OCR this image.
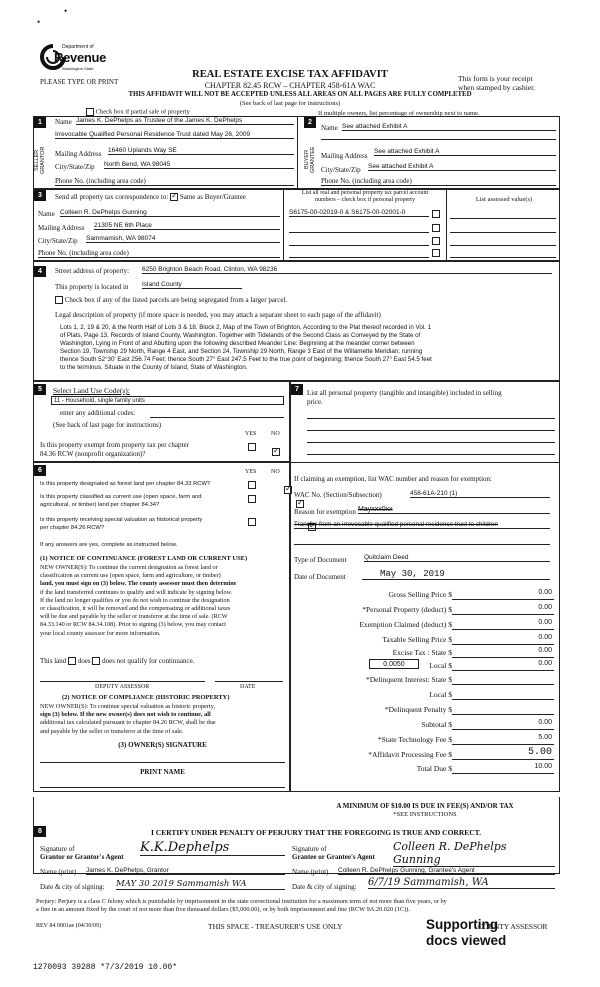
•
•
Department of
Revenue
Washington State
PLEASE TYPE OR PRINT
REAL ESTATE EXCISE TAX AFFIDAVIT
CHAPTER 82.45 RCW – CHAPTER 458-61A WAC
THIS AFFIDAVIT WILL NOT BE ACCEPTED UNLESS ALL AREAS ON ALL PAGES ARE FULLY COMPLETED
(See back of last page for instructions)
This form is your receipt
when stamped by cashier.
Check box if partial sale of property	If multiple owners, list percentage of ownership next to name.
1	2
SELLER GRANTOR	BUYER GRANTEE
Name James K. DePhelps as Trustee of the James K. DePhelps
Irrevocable Qualified Personal Residence Trust dated May 26, 2009
Mailing Address 16460 Uplands Way SE
City/State/Zip North Bend, WA 98045
Phone No. (including area code)
Name See attached Exhibit A
Mailing Address
See attached Exhibit A
City/State/Zip See attached Exhibit A
Phone No. (including area code)
3	Send all property tax correspondence to: ✓ Same as Buyer/Grantee
Name Colleen R. DePhelps Gunning
Mailing Address 21305 NE 6th Place
City/State/Zip Sammamish, WA 98074
Phone No. (including area code)
List all real and personal property tax parcel account
numbers – check box if personal property	List assessed value(s)
S6175-00-02019-0 & S6175-00-02001-0
4	Street address of property: 6250 Brighton Beach Road, Clinton, WA 98236
This property is located in Island County
Check box if any of the listed parcels are being segregated from a larger parcel.
Legal description of property (if more space is needed, you may attach a separate sheet to each page of the affidavit)
Lots 1, 2, 19 & 20, & the North Half of Lots 3 & 18, Block 2, Map of the Town of Brighton, According to the Plat thereof recorded in Vol. 1
of Plats, Page 13, Records of Island County, Washington. Together with Tidelands of the Second Class as Conveyed by the State of
Washington, Lying in Front of and Abutting upon the following described Meander Line: Beginning at the meander corner between
Section 19, Township 29 North, Range 4 East, and Section 24, Township 29 North, Range 3 East of the Willamette Meridian; running
thence South 52°30' East 256.74 Feet; thence South 27° East 247.5 Feet to the true point of beginning; thence South 27° East 54.5 feet
to the terminus. Situate in the County of Island, State of Washington.
5	Select Land Use Code(s):
11 - Household, single family units
enter any additional codes:
(See back of last page for instructions)
YES NO
Is this property exempt from property tax per chapter
84.36 RCW (nonprofit organization)?
✓
6	YES NO
Is this property designated as forest land per chapter 84.33 RCW?
✓
Is this property classified as current use (open space, farm and
agricultural, or timber) land per chapter 84.34?
✓
Is this property receiving special valuation as historical property
per chapter 84.26 RCW?
✓
If any answers are yes, complete as instructed below.
(1) NOTICE OF CONTINUANCE (FOREST LAND OR CURRENT USE)
NEW OWNER(S): To continue the current designation as forest land or
classification as current use (open space, farm and agriculture, or timber)
land, you must sign on (3) below. The county assessor must then determine
if the land transferred continues to qualify and will indicate by signing below.
If the land no longer qualifies or you do not wish to continue the designation
or classification, it will be removed and the compensating or additional taxes
will be due and payable by the seller or transferor at the time of sale. (RCW
84.33.140 or RCW 84.34.108). Prior to signing (3) below, you may contact
your local county assessor for more information.
This land does does not qualify for continuance.
DEPUTY ASSESSOR	DATE
(2) NOTICE OF COMPLIANCE (HISTORIC PROPERTY)
NEW OWNER(S): To continue special valuation as historic property,
sign (3) below. If the new owner(s) does not wish to continue, all
additional tax calculated pursuant to chapter 84.26 RCW, shall be due
and payable by the seller or transferor at the time of sale.
(3) OWNER(S) SIGNATURE
PRINT NAME
7	List all personal property (tangible and intangible) included in selling
price.
If claiming an exemption, list WAC number and reason for exemption:
WAC No. (Section/Subsection)	458-61A-210 (1)
Reason for exemption Mayxxx0xx
Transfer from an irrevocable qualified personal residence trust to children
Type of Document	Quitclaim Deed
Date of Document	May 30, 2019
Gross Selling Price $	0.00
*Personal Property (deduct) $	0.00
Exemption Claimed (deduct) $	0.00
Taxable Selling Price $	0.00
Excise Tax : State $	0.00
0.0050	Local $	0.00
*Delinquent Interest: State $
Local $
*Delinquent Penalty $
Subtotal $	0.00
*State Technology Fee $	5.00
*Affidavit Processing Fee $	5.00
Total Due $	10.00
A MINIMUM OF $10.00 IS DUE IN FEE(S) AND/OR TAX
*SEE INSTRUCTIONS
8	I CERTIFY UNDER PENALTY OF PERJURY THAT THE FOREGOING IS TRUE AND CORRECT.
Signature of
Grantor or Grantor's Agent
K.K.Dephelps
Name (print) James K. DePhelps, Grantor
Date & city of signing: MAY 30 2019 Sammamish WA
Signature of
Grantee or Grantee's Agent
Colleen R. DePhelps Gunning
Name (print) Colleen R. DePhelps Gunning, Grantee's Agent
Date & city of signing: 6/7/19 Sammamish, WA
Perjury: Perjury is a class C felony which is punishable by imprisonment in the state correctional institution for a maximum term of not more than five years, or by
a fine in an amount fixed by the court of not more than five thousand dollars ($5,000.00), or by both imprisonment and fine (RCW 9A.20.020 (1C)).
REV 84 0001ae (04/30/09)	THIS SPACE - TREASURER'S USE ONLY	COUNTY ASSESSOR
Supporting
docs viewed
1270093 39288 *7/3/2019 10.00*
